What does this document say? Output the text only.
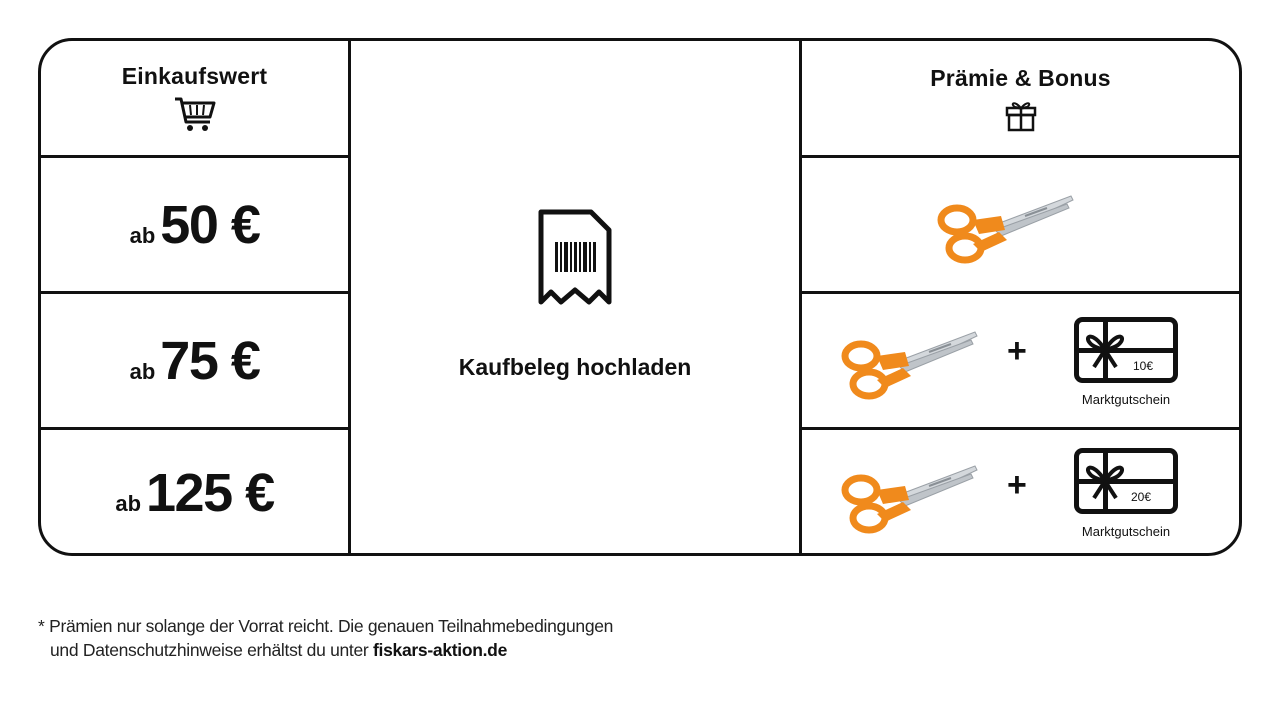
Einkaufswert
ab 50 €
ab 75 €
ab 125 €
Kaufbeleg hochladen
Prämie & Bonus
+	10€
Marktgutschein
+	20€
Marktgutschein
* Prämien nur solange der Vorrat reicht. Die genauen Teilnahmebedingungen
und Datenschutzhinweise erhältst du unter fiskars-aktion.de
